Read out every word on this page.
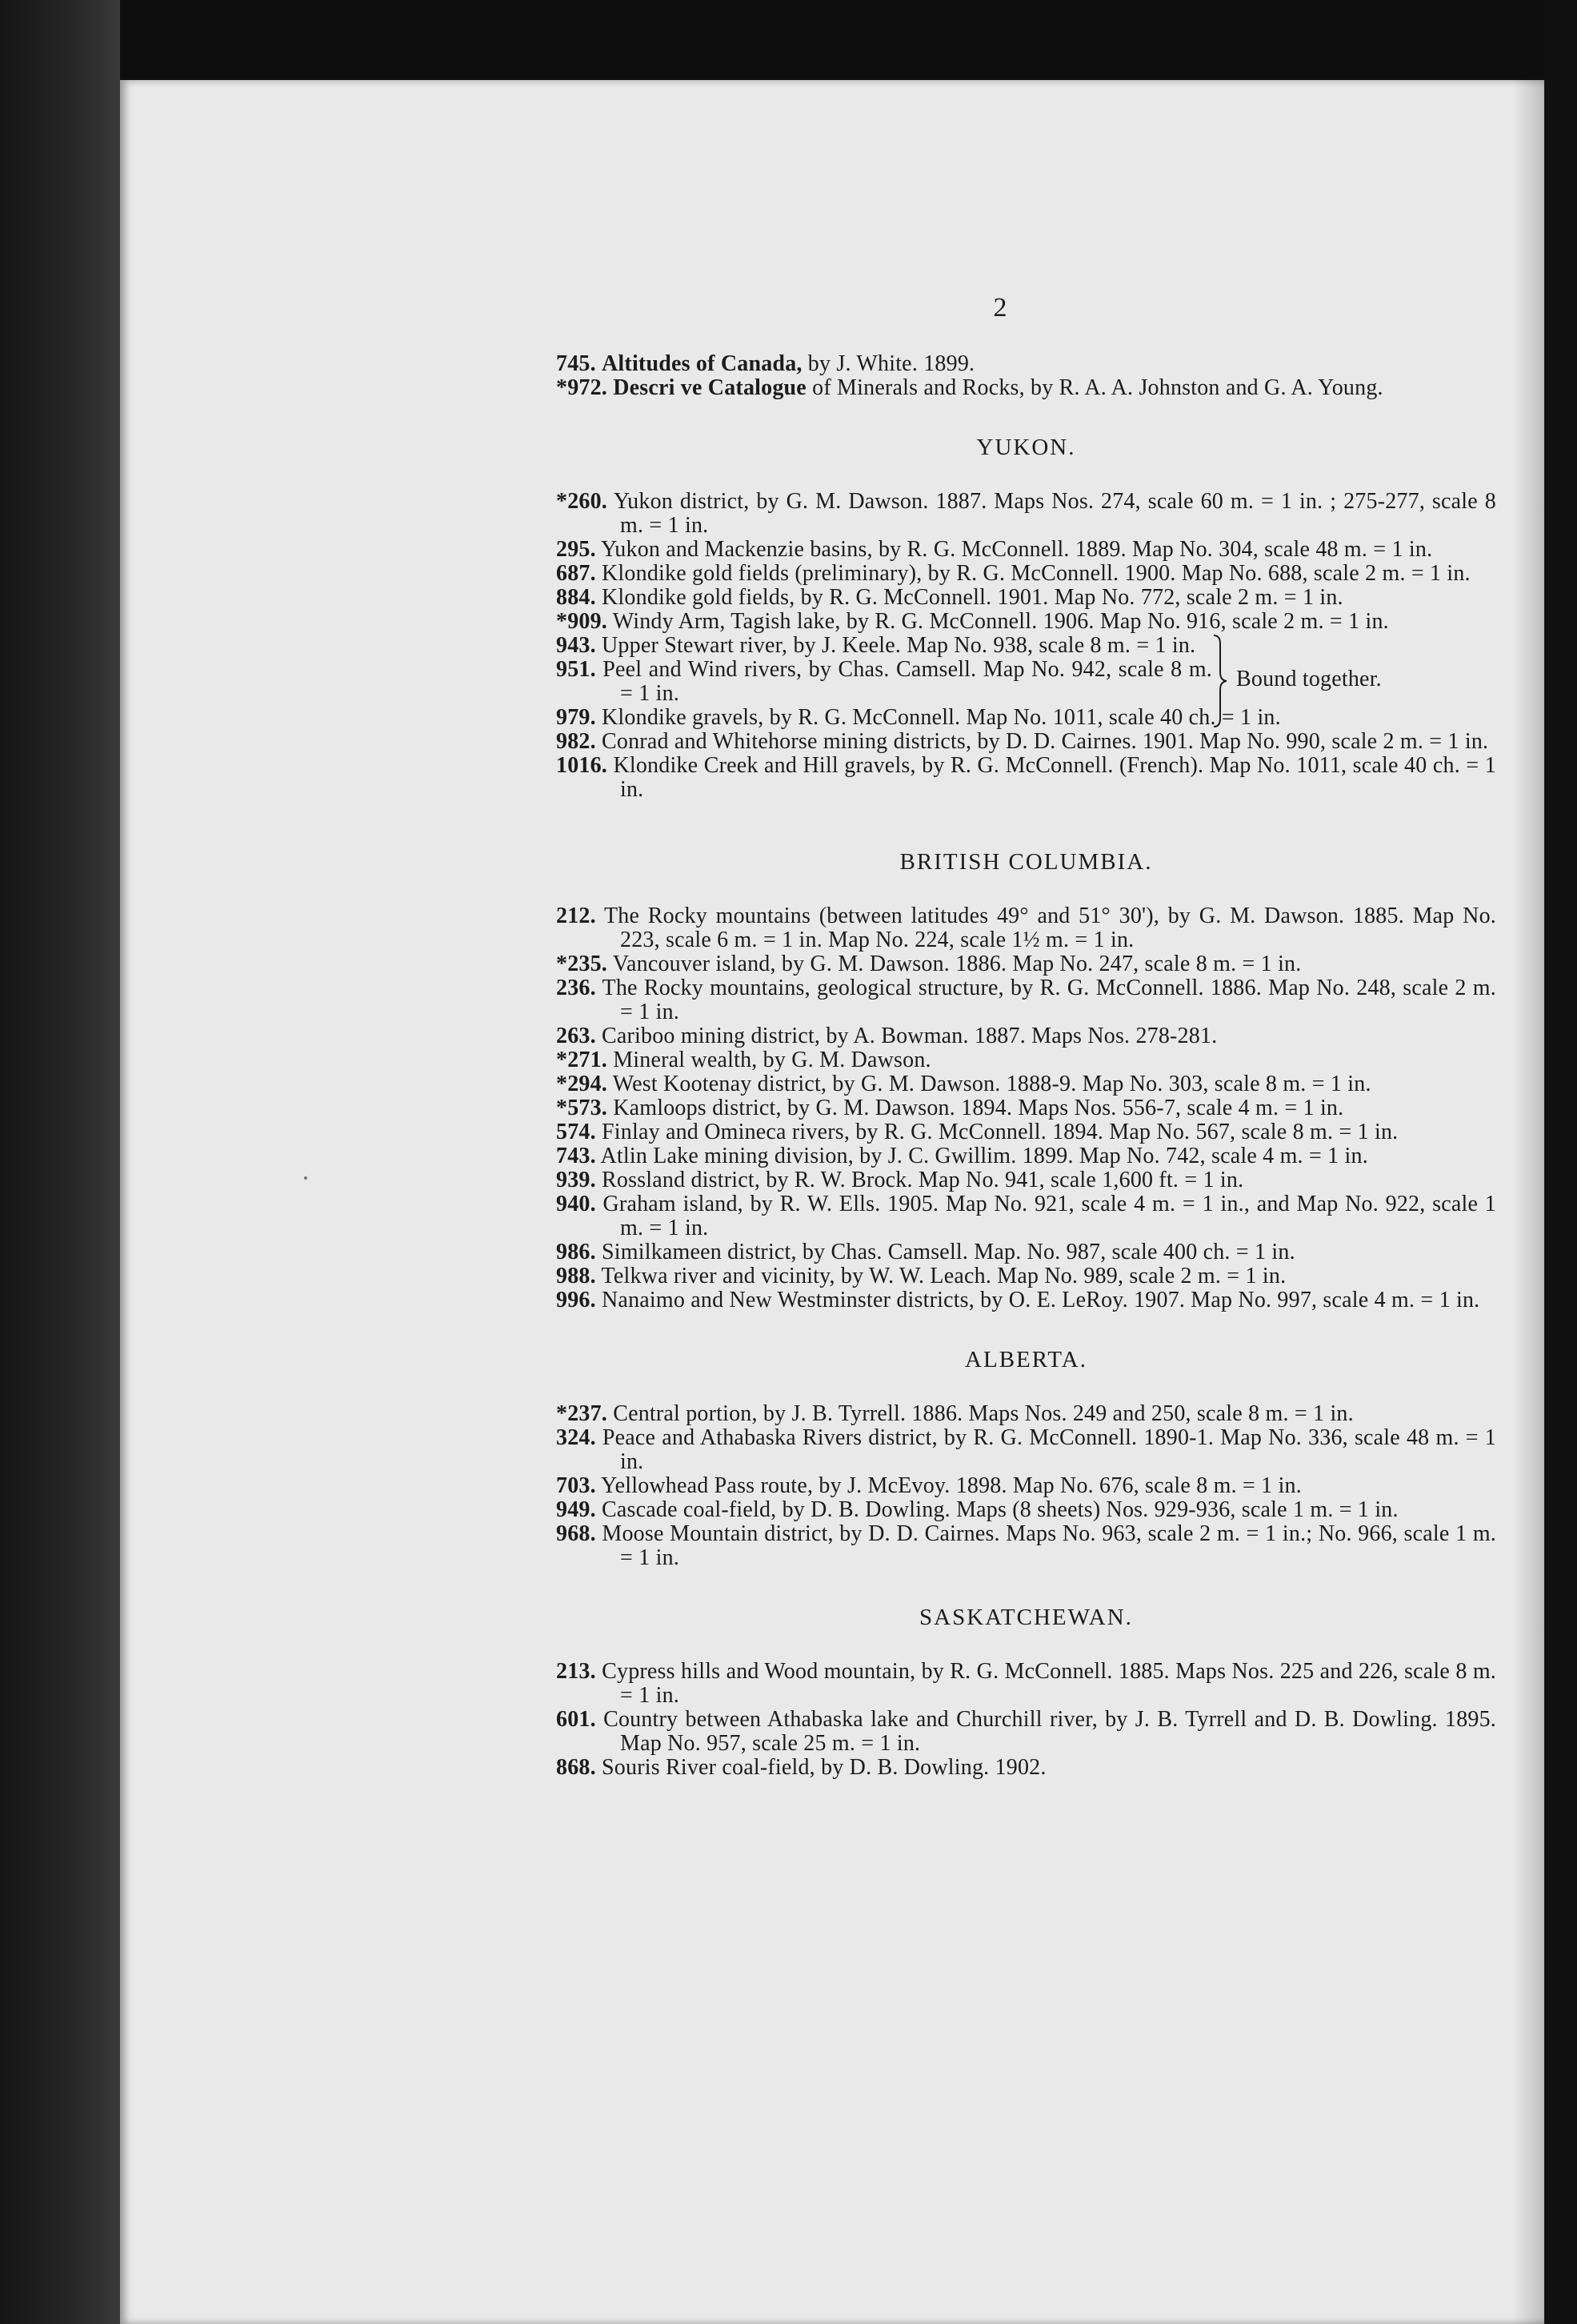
2

745. Altitudes of Canada, by J. White. 1899.

*972. Descri ve Catalogue of Minerals and Rocks, by R. A. A. Johnston and G. A. Young.

YUKON.

*260. Yukon district, by G. M. Dawson. 1887. Maps Nos. 274, scale 60 m. = 1 in. ; 275-277, scale 8 m. = 1 in.

295. Yukon and Mackenzie basins, by R. G. McConnell. 1889. Map No. 304, scale 48 m. = 1 in.

687. Klondike gold fields (preliminary), by R. G. McConnell. 1900. Map No. 688, scale 2 m. = 1 in.

884. Klondike gold fields, by R. G. McConnell. 1901. Map No. 772, scale 2 m. = 1 in.

*909. Windy Arm, Tagish lake, by R. G. McConnell. 1906. Map No. 916, scale 2 m. = 1 in.

943. Upper Stewart river, by J. Keele. Map No. 938, scale 8 m. = 1 in.

951. Peel and Wind rivers, by Chas. Camsell. Map No. 942, scale 8 m. = 1 in.

Bound together.

979. Klondike gravels, by R. G. McConnell. Map No. 1011, scale 40 ch. = 1 in.

982. Conrad and Whitehorse mining districts, by D. D. Cairnes. 1901. Map No. 990, scale 2 m. = 1 in.

1016. Klondike Creek and Hill gravels, by R. G. McConnell. (French). Map No. 1011, scale 40 ch. = 1 in.

BRITISH COLUMBIA.

212. The Rocky mountains (between latitudes 49° and 51° 30'), by G. M. Dawson. 1885. Map No. 223, scale 6 m. = 1 in. Map No. 224, scale 1½ m. = 1 in.

*235. Vancouver island, by G. M. Dawson. 1886. Map No. 247, scale 8 m. = 1 in.

236. The Rocky mountains, geological structure, by R. G. McConnell. 1886. Map No. 248, scale 2 m. = 1 in.

263. Cariboo mining district, by A. Bowman. 1887. Maps Nos. 278-281.

*271. Mineral wealth, by G. M. Dawson.

*294. West Kootenay district, by G. M. Dawson. 1888-9. Map No. 303, scale 8 m. = 1 in.

*573. Kamloops district, by G. M. Dawson. 1894. Maps Nos. 556-7, scale 4 m. = 1 in.

574. Finlay and Omineca rivers, by R. G. McConnell. 1894. Map No. 567, scale 8 m. = 1 in.

743. Atlin Lake mining division, by J. C. Gwillim. 1899. Map No. 742, scale 4 m. = 1 in.

939. Rossland district, by R. W. Brock. Map No. 941, scale 1,600 ft. = 1 in.

940. Graham island, by R. W. Ells. 1905. Map No. 921, scale 4 m. = 1 in., and Map No. 922, scale 1 m. = 1 in.

986. Similkameen district, by Chas. Camsell. Map. No. 987, scale 400 ch. = 1 in.

988. Telkwa river and vicinity, by W. W. Leach. Map No. 989, scale 2 m. = 1 in.

996. Nanaimo and New Westminster districts, by O. E. LeRoy. 1907. Map No. 997, scale 4 m. = 1 in.

ALBERTA.

*237. Central portion, by J. B. Tyrrell. 1886. Maps Nos. 249 and 250, scale 8 m. = 1 in.

324. Peace and Athabaska Rivers district, by R. G. McConnell. 1890-1. Map No. 336, scale 48 m. = 1 in.

703. Yellowhead Pass route, by J. McEvoy. 1898. Map No. 676, scale 8 m. = 1 in.

949. Cascade coal-field, by D. B. Dowling. Maps (8 sheets) Nos. 929-936, scale 1 m. = 1 in.

968. Moose Mountain district, by D. D. Cairnes. Maps No. 963, scale 2 m. = 1 in.; No. 966, scale 1 m. = 1 in.

SASKATCHEWAN.

213. Cypress hills and Wood mountain, by R. G. McConnell. 1885. Maps Nos. 225 and 226, scale 8 m. = 1 in.

601. Country between Athabaska lake and Churchill river, by J. B. Tyrrell and D. B. Dowling. 1895. Map No. 957, scale 25 m. = 1 in.

868. Souris River coal-field, by D. B. Dowling. 1902.
